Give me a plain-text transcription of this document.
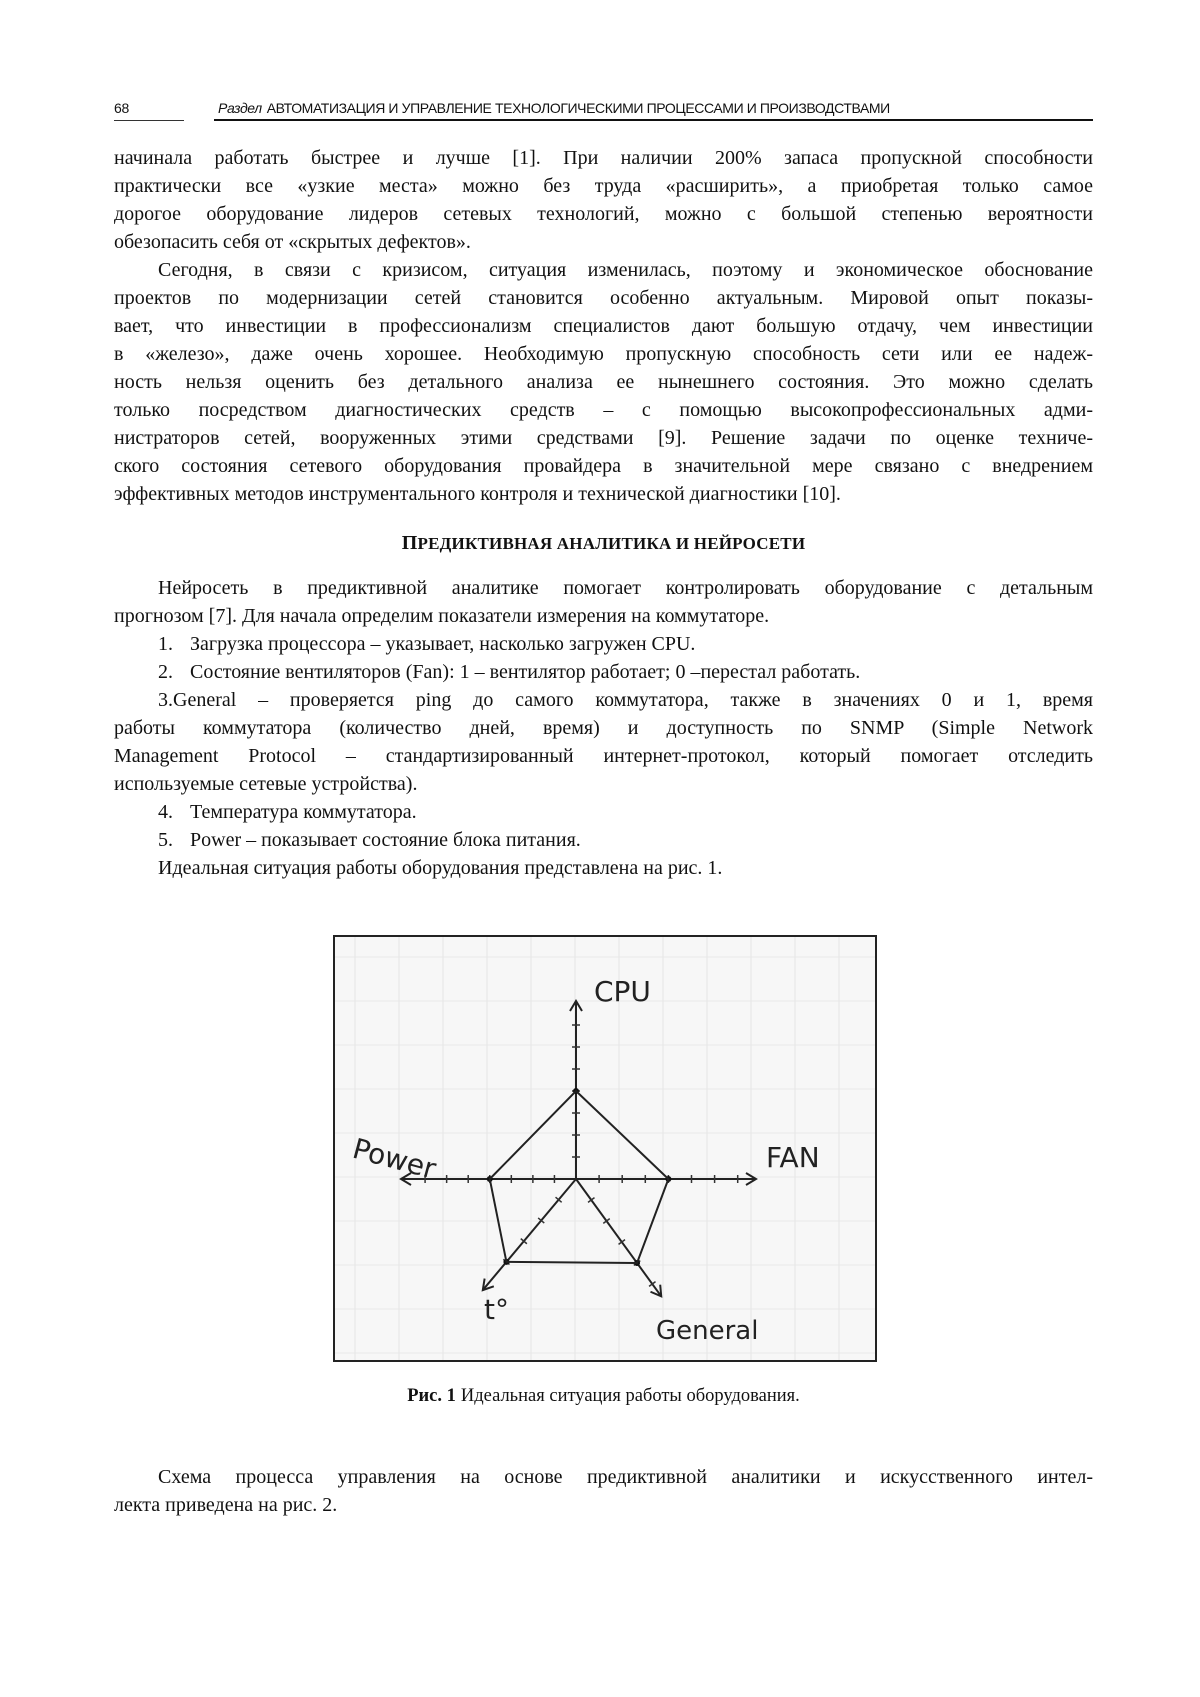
68	Раздел АВТОМАТИЗАЦИЯ И УПРАВЛЕНИЕ ТЕХНОЛОГИЧЕСКИМИ ПРОЦЕССАМИ И ПРОИЗВОДСТВАМИ
начинала работать быстрее и лучше [1]. При наличии 200% запаса пропускной способности
практически все «узкие места» можно без труда «расширить», а приобретая только самое
дорогое оборудование лидеров сетевых технологий, можно с большой степенью вероятности
обезопасить себя от «скрытых дефектов».
Сегодня, в связи с кризисом, ситуация изменилась, поэтому и экономическое обоснование
проектов по модернизации сетей становится особенно актуальным. Мировой опыт показы-
вает, что инвестиции в профессионализм специалистов дают большую отдачу, чем инвестиции
в «железо», даже очень хорошее. Необходимую пропускную способность сети или ее надеж-
ность нельзя оценить без детального анализа ее нынешнего состояния. Это можно сделать
только посредством диагностических средств – с помощью высокопрофессиональных адми-
нистраторов сетей, вооруженных этими средствами [9]. Решение задачи по оценке техниче-
ского состояния сетевого оборудования провайдера в значительной мере связано с внедрением
эффективных методов инструментального контроля и технической диагностики [10].
ПРЕДИКТИВНАЯ АНАЛИТИКА И НЕЙРОСЕТИ
Нейросеть в предиктивной аналитике помогает контролировать оборудование с детальным
прогнозом [7]. Для начала определим показатели измерения на коммутаторе.
1. Загрузка процессора – указывает, насколько загружен CPU.
2. Состояние вентиляторов (Fan): 1 – вентилятор работает; 0 –перестал работать.
3.General – проверяется ping до самого коммутатора, также в значениях 0 и 1, время
работы коммутатора (количество дней, время) и доступность по SNMP (Simple Network
Management Protocol – стандартизированный интернет-протокол, который помогает отследить
используемые сетевые устройства).
4. Температура коммутатора.
5. Power – показывает состояние блока питания.
Идеальная ситуация работы оборудования представлена на рис. 1.
CPU
FAN
General
t°
Power
Рис. 1 Идеальная ситуация работы оборудования.
Схема процесса управления на основе предиктивной аналитики и искусственного интел-
лекта приведена на рис. 2.
